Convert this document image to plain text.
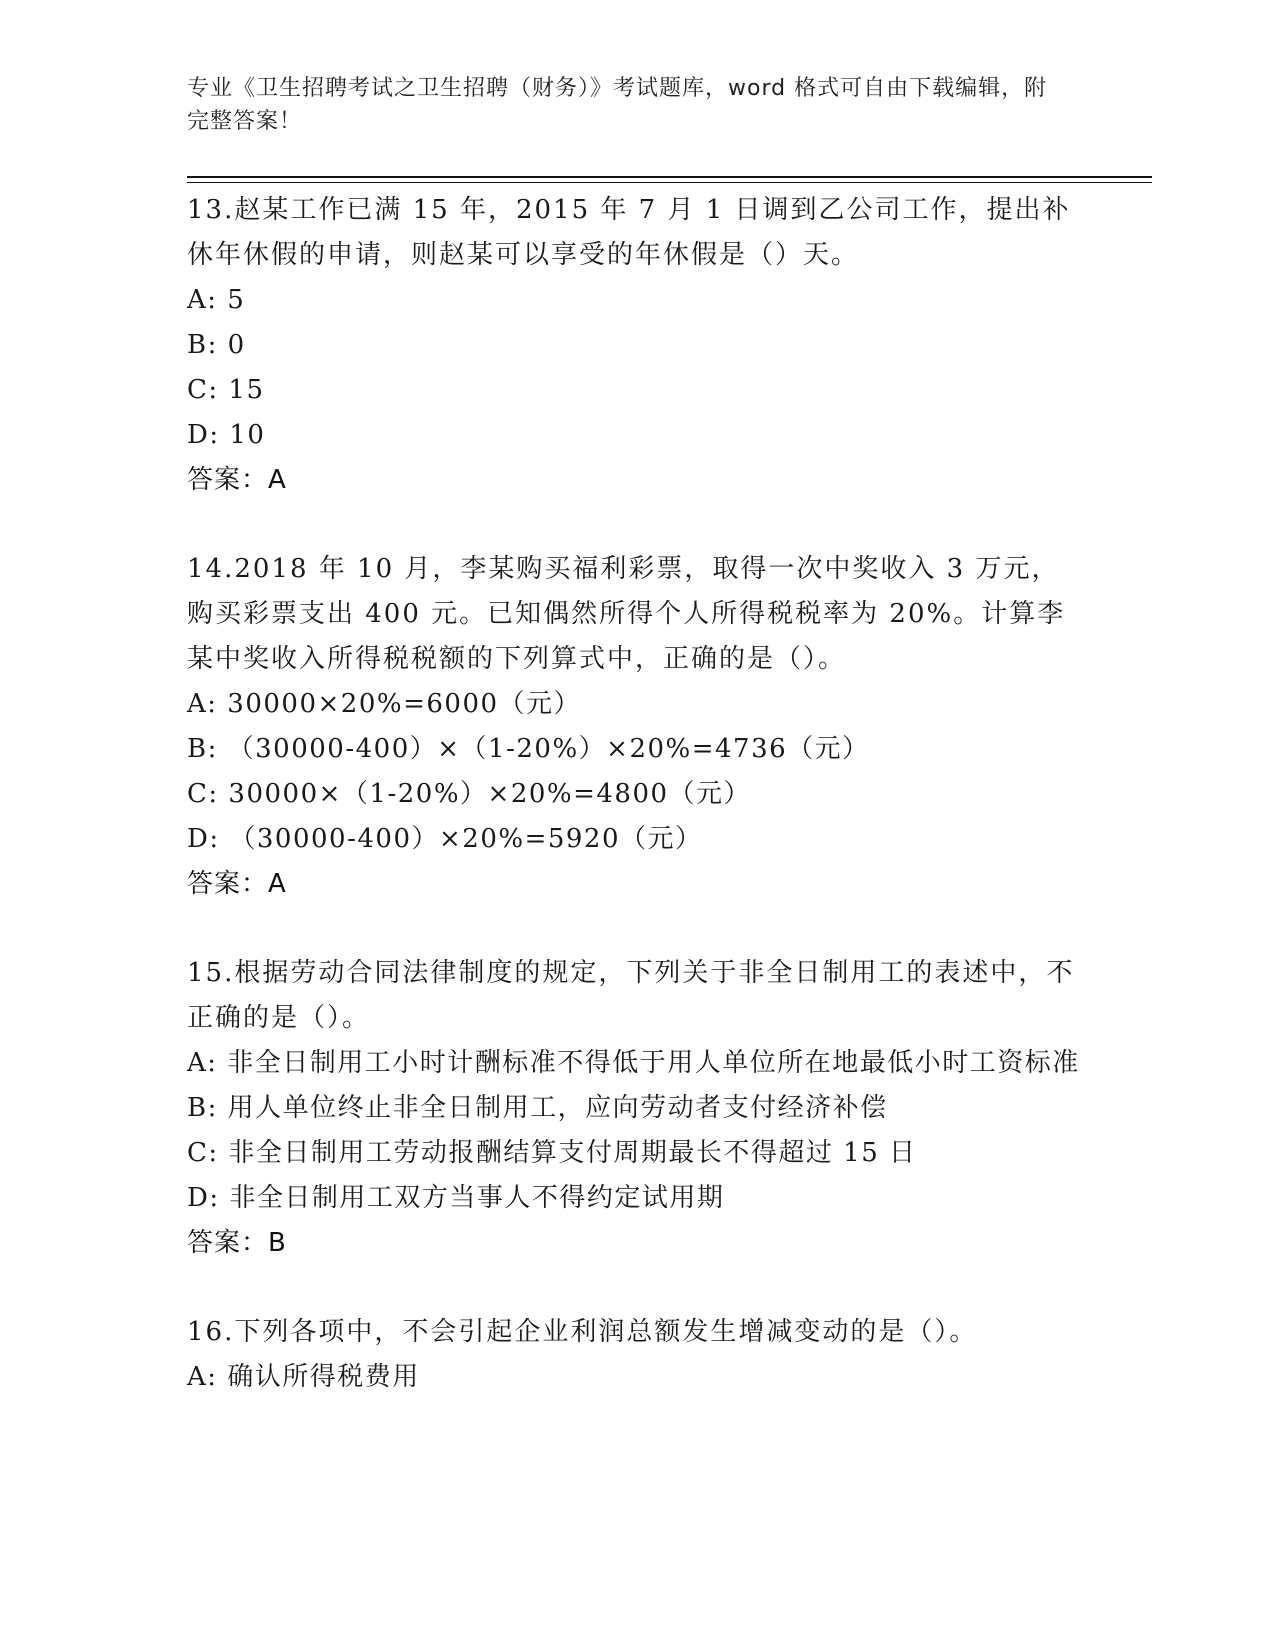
专业《卫生招聘考试之卫生招聘（财务）》考试题库，word 格式可自由下载编辑，附完整答案！

13.赵某工作已满 15 年，2015 年 7 月 1 日调到乙公司工作，提出补休年休假的申请，则赵某可以享受的年休假是（）天。

A: 5

B: 0

C: 15

D: 10

答案：A

14.2018 年 10 月，李某购买福利彩票，取得一次中奖收入 3 万元，购买彩票支出 400 元。已知偶然所得个人所得税税率为 20%。计算李某中奖收入所得税税额的下列算式中，正确的是（）。

A: 30000×20%=6000（元）

B: （30000-400）×（1-20%）×20%=4736（元）

C: 30000×（1-20%）×20%=4800（元）

D: （30000-400）×20%=5920（元）

答案：A

15.根据劳动合同法律制度的规定，下列关于非全日制用工的表述中，不正确的是（）。

A: 非全日制用工小时计酬标准不得低于用人单位所在地最低小时工资标准

B: 用人单位终止非全日制用工，应向劳动者支付经济补偿

C: 非全日制用工劳动报酬结算支付周期最长不得超过 15 日

D: 非全日制用工双方当事人不得约定试用期

答案：B

16.下列各项中，不会引起企业利润总额发生增减变动的是（）。

A: 确认所得税费用
